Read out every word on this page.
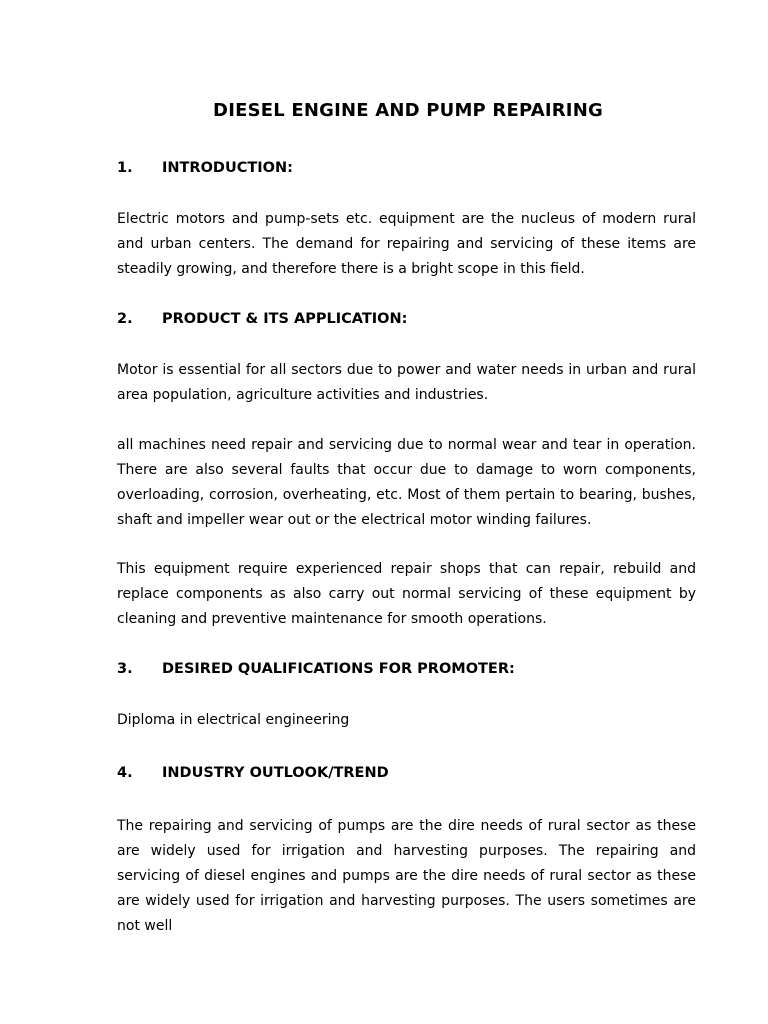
DIESEL ENGINE AND PUMP REPAIRING
1. INTRODUCTION:

Electric motors and pump-sets etc. equipment are the nucleus of modern rural and urban centers. The demand for repairing and servicing of these items are steadily growing, and therefore there is a bright scope in this field.

2. PRODUCT & ITS APPLICATION:

Motor is essential for all sectors due to power and water needs in urban and rural area population, agriculture activities and industries.

all machines need repair and servicing due to normal wear and tear in operation. There are also several faults that occur due to damage to worn components, overloading, corrosion, overheating, etc. Most of them pertain to bearing, bushes, shaft and impeller wear out or the electrical motor winding failures.

This equipment require experienced repair shops that can repair, rebuild and replace components as also carry out normal servicing of these equipment by cleaning and preventive maintenance for smooth operations.

3. DESIRED QUALIFICATIONS FOR PROMOTER:

Diploma in electrical engineering

4. INDUSTRY OUTLOOK/TREND

The repairing and servicing of pumps are the dire needs of rural sector as these are widely used for irrigation and harvesting purposes. The repairing and servicing of diesel engines and pumps are the dire needs of rural sector as these are widely used for irrigation and harvesting purposes. The users sometimes are not well
